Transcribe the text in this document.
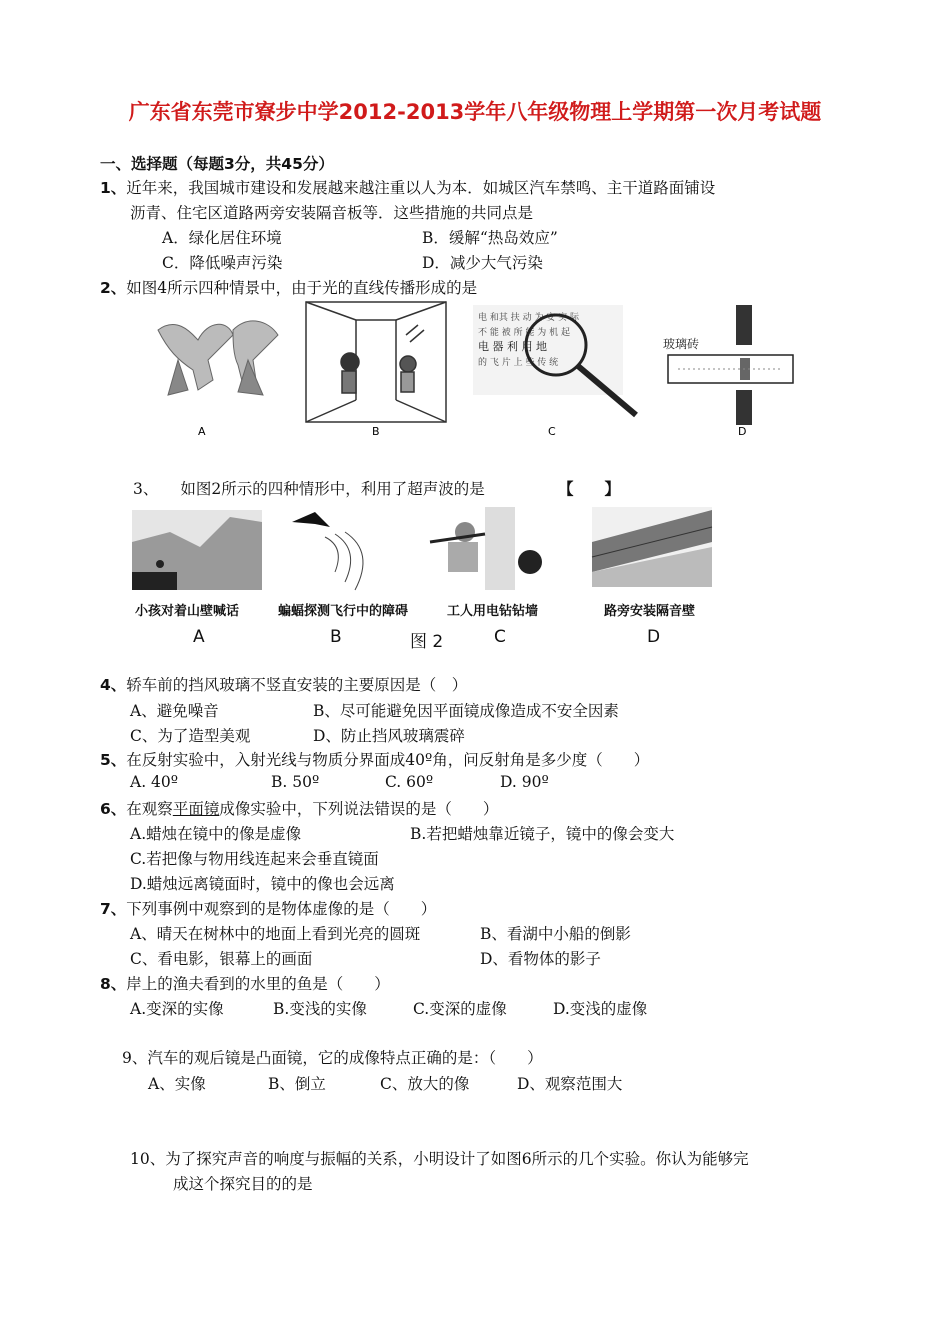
广东省东莞市寮步中学2012-2013学年八年级物理上学期第一次月考试题
一、选择题（每题3分，共45分）
1、近年来，我国城市建设和发展越来越注重以人为本．如城区汽车禁鸣、主干道路面铺设
沥青、住宅区道路两旁安装隔音板等．这些措施的共同点是
A．绿化居住环境	B．缓解“热岛效应”
C．降低噪声污染	D．减少大气污染
2、如图4所示四种情景中，由于光的直线传播形成的是
A	B
电 和其 扶 动 为 安 实 际
不 能 被 所 能 为 机 起
电 器 利 用 地
的 飞 片 上 些 传 统
C
玻璃砖
D
3、 如图2所示的四种情形中，利用了超声波的是	【　　】
小孩对着山壁喊话	蝙蝠探测飞行中的障碍	工人用电钻钻墙	路旁安装隔音壁
A	B	图 2	C	D
4、轿车前的挡风玻璃不竖直安装的主要原因是（　）
A、避免噪音	B、尽可能避免因平面镜成像造成不安全因素
C、为了造型美观	D、防止挡风玻璃震碎
5、在反射实验中，入射光线与物质分界面成40º角，问反射角是多少度（　　）
A. 40º	B. 50º	C. 60º	D. 90º
6、在观察平面镜成像实验中，下列说法错误的是（　　）
A.蜡烛在镜中的像是虚像	B.若把蜡烛靠近镜子，镜中的像会变大
C.若把像与物用线连起来会垂直镜面
D.蜡烛远离镜面时，镜中的像也会远离
7、下列事例中观察到的是物体虚像的是（　　）
A、晴天在树林中的地面上看到光亮的圆斑	B、看湖中小船的倒影
C、看电影，银幕上的画面	D、看物体的影子
8、岸上的渔夫看到的水里的鱼是（　　）
A.变深的实像	B.变浅的实像	C.变深的虚像	D.变浅的虚像
9、汽车的观后镜是凸面镜，它的成像特点正确的是：（　　）
A、实像	B、倒立	C、放大的像	D、观察范围大
10、为了探究声音的响度与振幅的关系，小明设计了如图6所示的几个实验。你认为能够完
成这个探究目的的是
